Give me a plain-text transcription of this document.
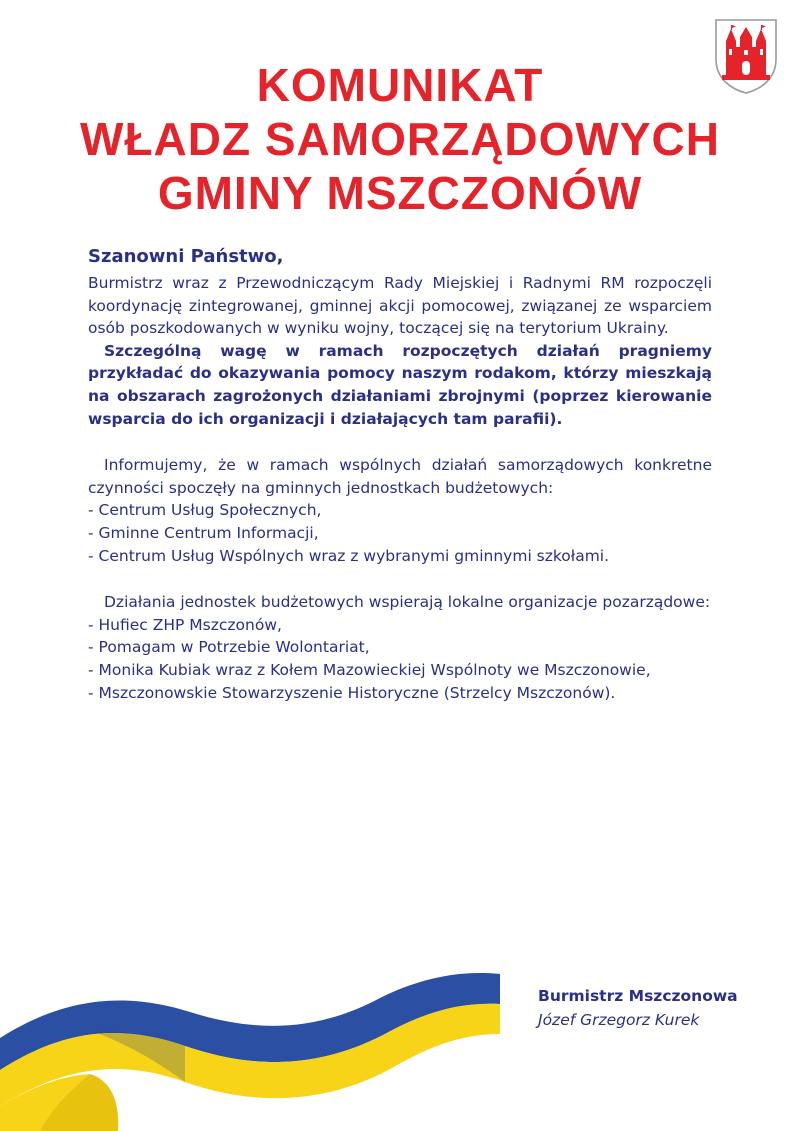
KOMUNIKAT
WŁADZ SAMORZĄDOWYCH
GMINY MSZCZONÓW
Szanowni Państwo,

Burmistrz wraz z Przewodniczącym Rady Miejskiej i Radnymi RM rozpoczęli koordynację zintegrowanej, gminnej akcji pomocowej, związanej ze wsparciem osób poszkodowanych w wyniku wojny, toczącej się na terytorium Ukrainy.

Szczególną wagę w ramach rozpoczętych działań pragniemy przykładać do okazywania pomocy naszym rodakom, którzy mieszkają na obszarach zagrożonych działaniami zbrojnymi (poprzez kierowanie wsparcia do ich organizacji i działających tam parafii).

Informujemy, że w ramach wspólnych działań samorządowych konkretne czynności spoczęły na gminnych jednostkach budżetowych:

- Centrum Usług Społecznych,

- Gminne Centrum Informacji,

- Centrum Usług Wspólnych wraz z wybranymi gminnymi szkołami.

Działania jednostek budżetowych wspierają lokalne organizacje pozarządowe:

- Hufiec ZHP Mszczonów,

- Pomagam w Potrzebie Wolontariat,

- Monika Kubiak wraz z Kołem Mazowieckiej Wspólnoty we Mszczonowie,

- Mszczonowskie Stowarzyszenie Historyczne (Strzelcy Mszczonów).

Burmistrz Mszczonowa
Józef Grzegorz Kurek
